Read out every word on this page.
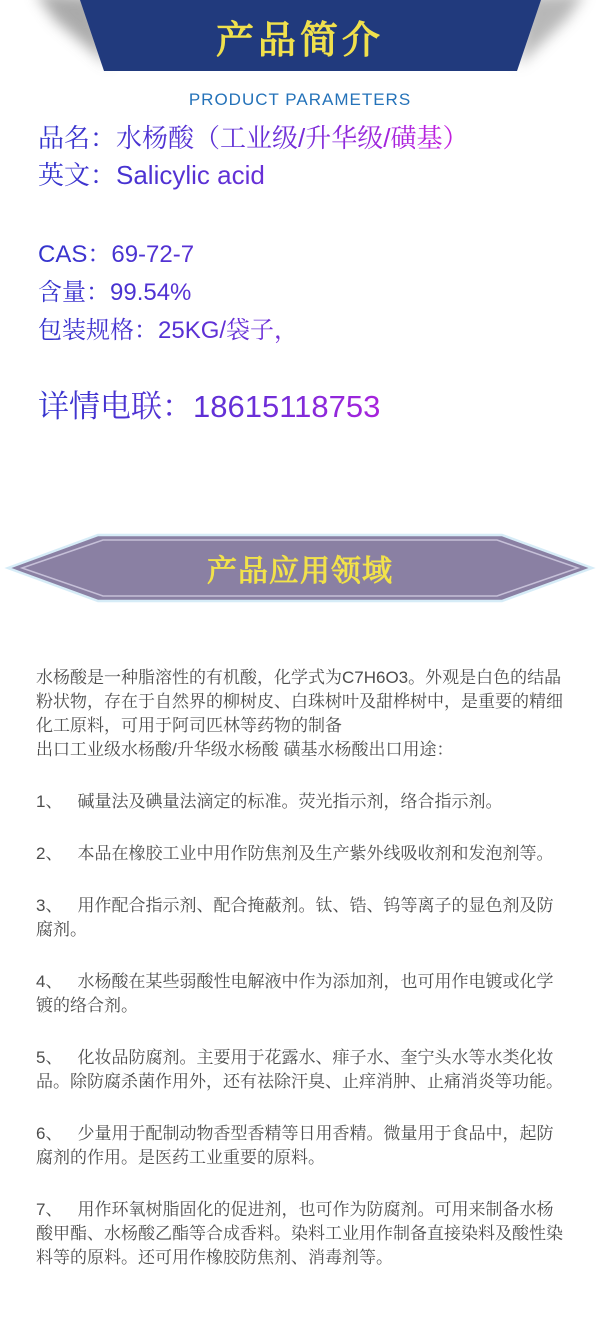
产品简介
PRODUCT PARAMETERS
品名：水杨酸（工业级/升华级/磺基）
英文：Salicylic acid
CAS：69-72-7
含量：99.54%
包装规格：25KG/袋子，
详情电联：18615118753
产品应用领域

水杨酸是一种脂溶性的有机酸，化学式为C7H6O3。外观是白色的结晶粉状物，存在于自然界的柳树皮、白珠树叶及甜桦树中，是重要的精细化工原料，可用于阿司匹林等药物的制备

出口工业级水杨酸/升华级水杨酸 磺基水杨酸出口用途：

1、 碱量法及碘量法滴定的标准。荧光指示剂，络合指示剂。

2、 本品在橡胶工业中用作防焦剂及生产紫外线吸收剂和发泡剂等。

3、 用作配合指示剂、配合掩蔽剂。钛、锆、钨等离子的显色剂及防腐剂。

4、 水杨酸在某些弱酸性电解液中作为添加剂，也可用作电镀或化学镀的络合剂。

5、 化妆品防腐剂。主要用于花露水、痱子水、奎宁头水等水类化妆品。除防腐杀菌作用外，还有祛除汗臭、止痒消肿、止痛消炎等功能。

6、 少量用于配制动物香型香精等日用香精。微量用于食品中，起防腐剂的作用。是医药工业重要的原料。

7、 用作环氧树脂固化的促进剂，也可作为防腐剂。可用来制备水杨酸甲酯、水杨酸乙酯等合成香料。染料工业用作制备直接染料及酸性染料等的原料。还可用作橡胶防焦剂、消毒剂等。
